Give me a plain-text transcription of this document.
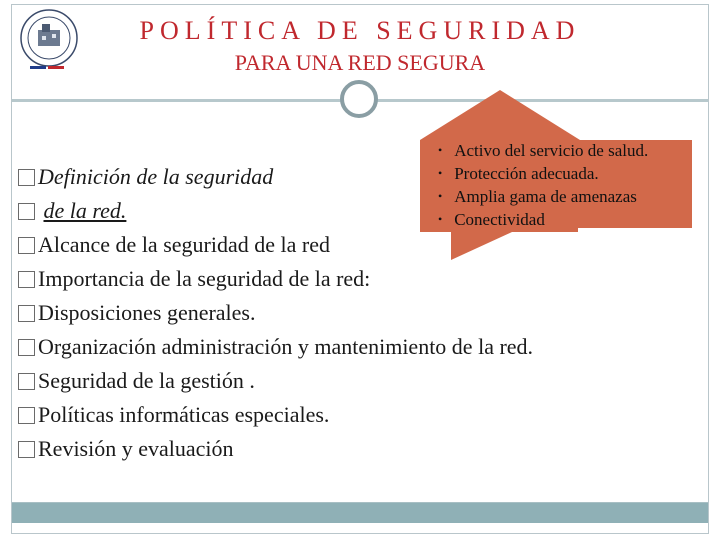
POLÍTICA DE SEGURIDAD
PARA UNA RED SEGURA
• Activo del servicio de salud.
• Protección adecuada.
• Amplia gama de amenazas
• Conectividad
Definición de la seguridad
de la red.
Alcance de la seguridad de la red
Importancia de la seguridad de la red:
Disposiciones generales.
Organización administración y mantenimiento de la red.
Seguridad de la gestión .
Políticas informáticas especiales.
Revisión y evaluación
